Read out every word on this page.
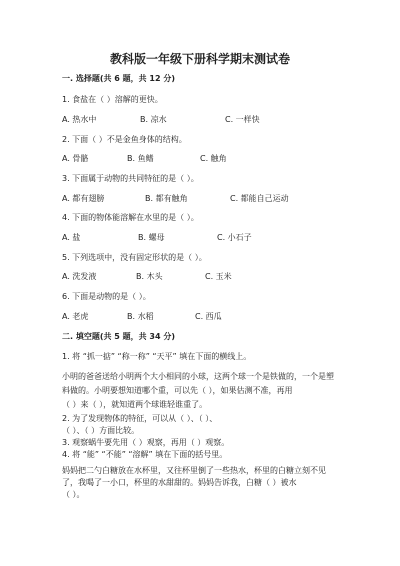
教科版一年级下册科学期末测试卷
一. 选择题(共 6 题，共 12 分)
1. 食盐在（ ）溶解的更快。
A. 热水中	B. 凉水	C. 一样快
2. 下面（ ）不是金鱼身体的结构。
A. 骨骼	B. 鱼鳍	C. 触角
3. 下面属于动物的共同特征的是（ ）。
A. 都有翅膀	B. 都有触角	C. 都能自己运动
4. 下面的物体能溶解在水里的是（ ）。
A. 盐	B. 螺母	C. 小石子
5. 下列选项中，没有固定形状的是（ ）。
A. 洗发液	B. 木头	C. 玉米
6. 下面是动物的是（ ）。
A. 老虎	B. 水稻	C. 西瓜
二. 填空题(共 5 题，共 34 分)
1. 将 “抓一掂” “称一称” “天平” 填在下面的横线上。
小明的爸爸送给小明两个大小相同的小球，这两个球一个是铁做的，一个是塑
料做的。小明要想知道哪个重，可以先（ ），如果估测不准，再用
（ ）来（ ），就知道两个球谁轻谁重了。
2. 为了发现物体的特征，可以从（ ）、（ ）、
（ ）、（ ）方面比较。
3. 观察蜗牛要先用（ ）观察，再用（ ）观察。
4. 将 “能” “不能” “溶解” 填在下面的括号里。
妈妈把二勺白糖放在水杯里，又往杯里倒了一些热水，杯里的白糖立刻不见
了，我喝了一小口，杯里的水甜甜的。妈妈告诉我，白糖（ ）被水
（ ）。
